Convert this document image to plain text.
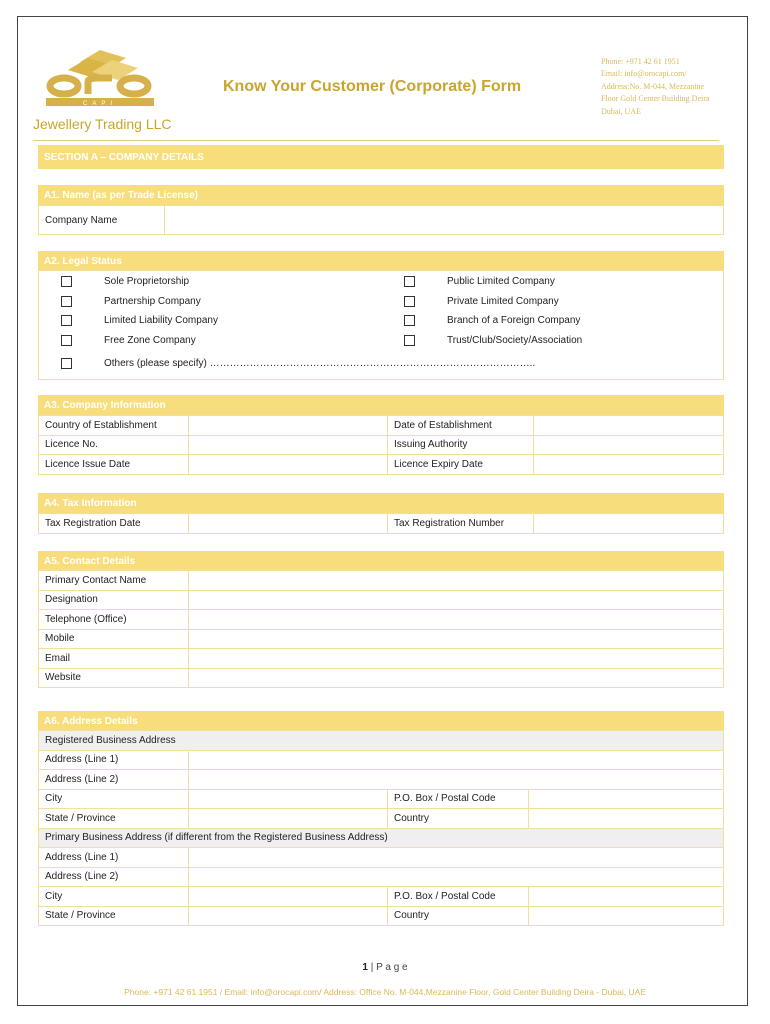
CAPI
Jewellery Trading LLC
Know Your Customer (Corporate) Form
Phone: +971 42 61 1951
Email: info@orocapi.com/
Address:No. M-044, Mezzanine
Floor Gold Center Building Deira
Dubai, UAE
SECTION A – COMPANY DETAILS
A1. Name (as per Trade License)
Company Name	
A2. Legal Status
Sole Proprietorship
Partnership Company
Limited Liability Company
Free Zone Company
Others (please specify) ……………………………………………………………………………………..
Public Limited Company
Private Limited Company
Branch of a Foreign Company
Trust/Club/Society/Association
A3. Company Information
Country of Establishment		Date of Establishment	
Licence No.		Issuing Authority	
Licence Issue Date		Licence Expiry Date	
A4. Tax Information
Tax Registration Date		Tax Registration Number	
A5. Contact Details
Primary Contact Name	
Designation	
Telephone (Office)	
Mobile	
Email	
Website	
A6. Address Details
Registered Business Address			
Address (Line 1)			
Address (Line 2)			
City		P.O. Box / Postal Code	
State / Province		Country	
Primary Business Address (if different from the Registered Business Address)			
Address (Line 1)			
Address (Line 2)			
City		P.O. Box / Postal Code	
State / Province		Country	
1 | P a g e
Phone: +971 42 61 1951 / Email: info@orocapi.com/ Address: Office No. M-044,Mezzanine Floor, Gold Center Building Deira - Dubai, UAE
